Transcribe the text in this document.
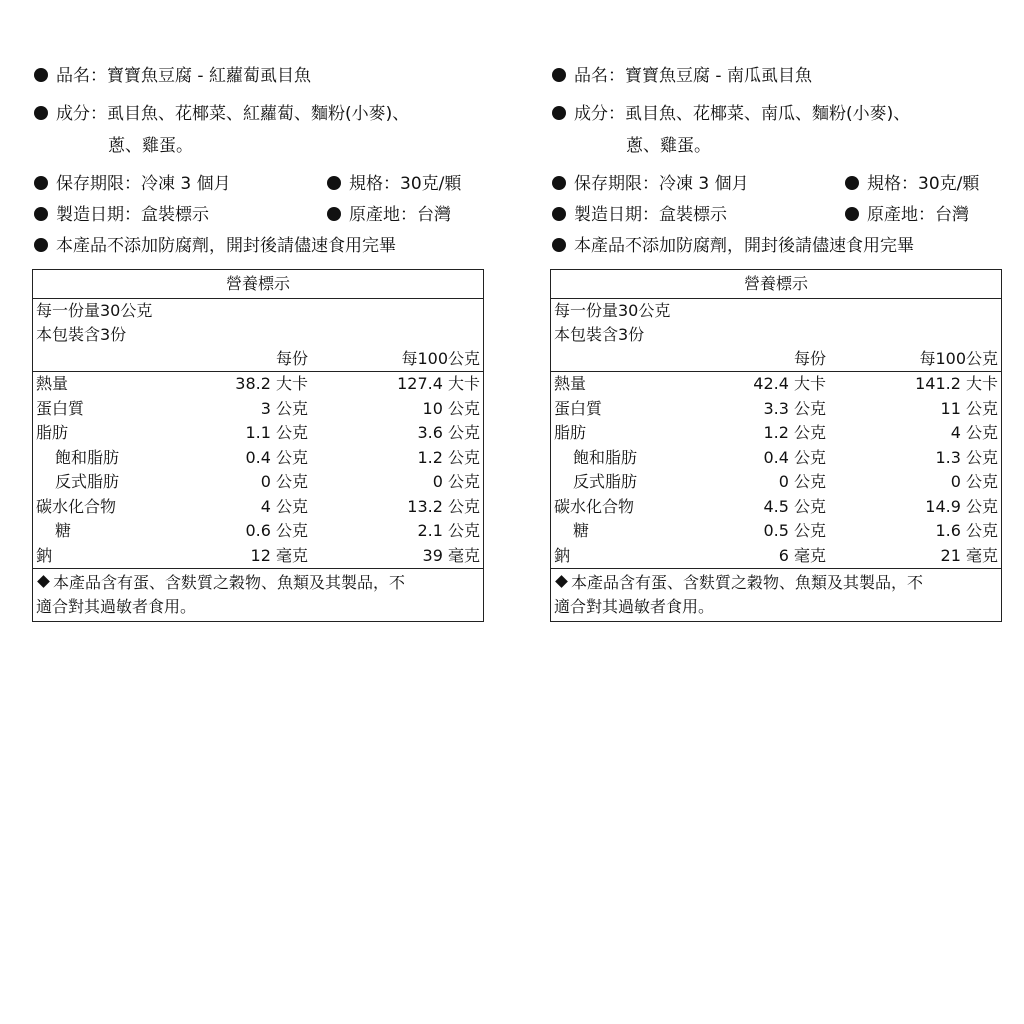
品名：寶寶魚豆腐 - 紅蘿蔔虱目魚
成分：虱目魚、花椰菜、紅蘿蔔、麵粉(小麥)、
蔥、雞蛋。
保存期限：冷凍 3 個月	規格：30克/顆
製造日期：盒裝標示	原產地：台灣
本產品不添加防腐劑，開封後請儘速食用完畢
營養標示
每一份量30公克
本包裝含3份
每份	每100公克
熱量	38.2 大卡	127.4 大卡
蛋白質	3 公克	10 公克
脂肪	1.1 公克	3.6 公克
飽和脂肪	0.4 公克	1.2 公克
反式脂肪	0 公克	0 公克
碳水化合物	4 公克	13.2 公克
糖	0.6 公克	2.1 公克
鈉	12 毫克	39 毫克
本產品含有蛋、含麩質之穀物、魚類及其製品，不
適合對其過敏者食用。
品名：寶寶魚豆腐 - 南瓜虱目魚
成分：虱目魚、花椰菜、南瓜、麵粉(小麥)、
蔥、雞蛋。
保存期限：冷凍 3 個月	規格：30克/顆
製造日期：盒裝標示	原產地：台灣
本產品不添加防腐劑，開封後請儘速食用完畢
營養標示
每一份量30公克
本包裝含3份
每份	每100公克
熱量	42.4 大卡	141.2 大卡
蛋白質	3.3 公克	11 公克
脂肪	1.2 公克	4 公克
飽和脂肪	0.4 公克	1.3 公克
反式脂肪	0 公克	0 公克
碳水化合物	4.5 公克	14.9 公克
糖	0.5 公克	1.6 公克
鈉	6 毫克	21 毫克
本產品含有蛋、含麩質之穀物、魚類及其製品，不
適合對其過敏者食用。
